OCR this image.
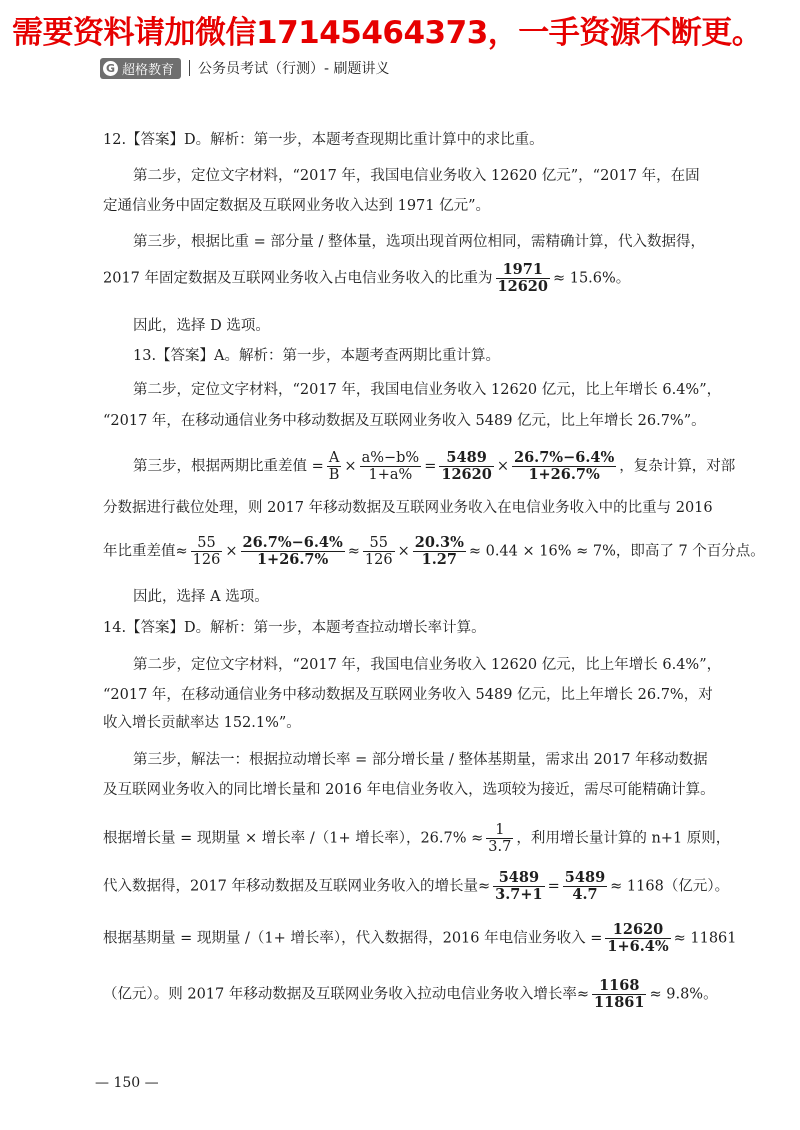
需要资料请加微信17145464373，一手资源不断更。
G 超格教育 公务员考试（行测）- 刷题讲义
12.【答案】D。解析：第一步，本题考查现期比重计算中的求比重。
第二步，定位文字材料，“2017 年，我国电信业务收入 12620 亿元”，“2017 年，在固
定通信业务中固定数据及互联网业务收入达到 1971 亿元”。
第三步，根据比重 = 部分量 / 整体量，选项出现首两位相同，需精确计算，代入数据得，
2017 年固定数据及互联网业务收入占电信业务收入的比重为 $\frac{1971}{12620} \approx 15.6\%$。
因此，选择 D 选项。
13.【答案】A。解析：第一步，本题考查两期比重计算。
第二步，定位文字材料，“2017 年，我国电信业务收入 12620 亿元，比上年增长 6.4%”，
“2017 年，在移动通信业务中移动数据及互联网业务收入 5489 亿元，比上年增长 26.7%”。
第三步，根据两期比重差值 = $\frac{A}{B} \times \frac{a\%-b\%}{1+a\%} = \frac{5489}{12620} \times \frac{26.7\%-6.4\%}{1+26.7\%}$ ，复杂计算，对部
分数据进行截位处理，则 2017 年移动数据及互联网业务收入在电信业务收入中的比重与 2016
年比重差值≈ $\frac{55}{126} \times \frac{26.7\%-6.4\%}{1+26.7\%} \approx \frac{55}{126} \times \frac{20.3\%}{1.27} \approx 0.44 \times 16\% \approx 7\%$，即高了 7 个百分点。
因此，选择 A 选项。
14.【答案】D。解析：第一步，本题考查拉动增长率计算。
第二步，定位文字材料，“2017 年，我国电信业务收入 12620 亿元，比上年增长 6.4%”，
“2017 年，在移动通信业务中移动数据及互联网业务收入 5489 亿元，比上年增长 26.7%，对
收入增长贡献率达 152.1%”。
第三步，解法一：根据拉动增长率 = 部分增长量 / 整体基期量，需求出 2017 年移动数据
及互联网业务收入的同比增长量和 2016 年电信业务收入，选项较为接近，需尽可能精确计算。
根据增长量 = 现期量 × 增长率 /（1+ 增长率），$26.7\% \approx \frac{1}{3.7}$ ，利用增长量计算的 n+1 原则，
代入数据得，2017 年移动数据及互联网业务收入的增长量≈ $\frac{5489}{3.7+1} = \frac{5489}{4.7} \approx 1168$（亿元）。
根据基期量 = 现期量 /（1+ 增长率），代入数据得，2016 年电信业务收入 = $\frac{12620}{1+6.4\%} \approx 11861$
（亿元）。则 2017 年移动数据及互联网业务收入拉动电信业务收入增长率≈ $\frac{1168}{11861} \approx 9.8\%$。
— 150 —
